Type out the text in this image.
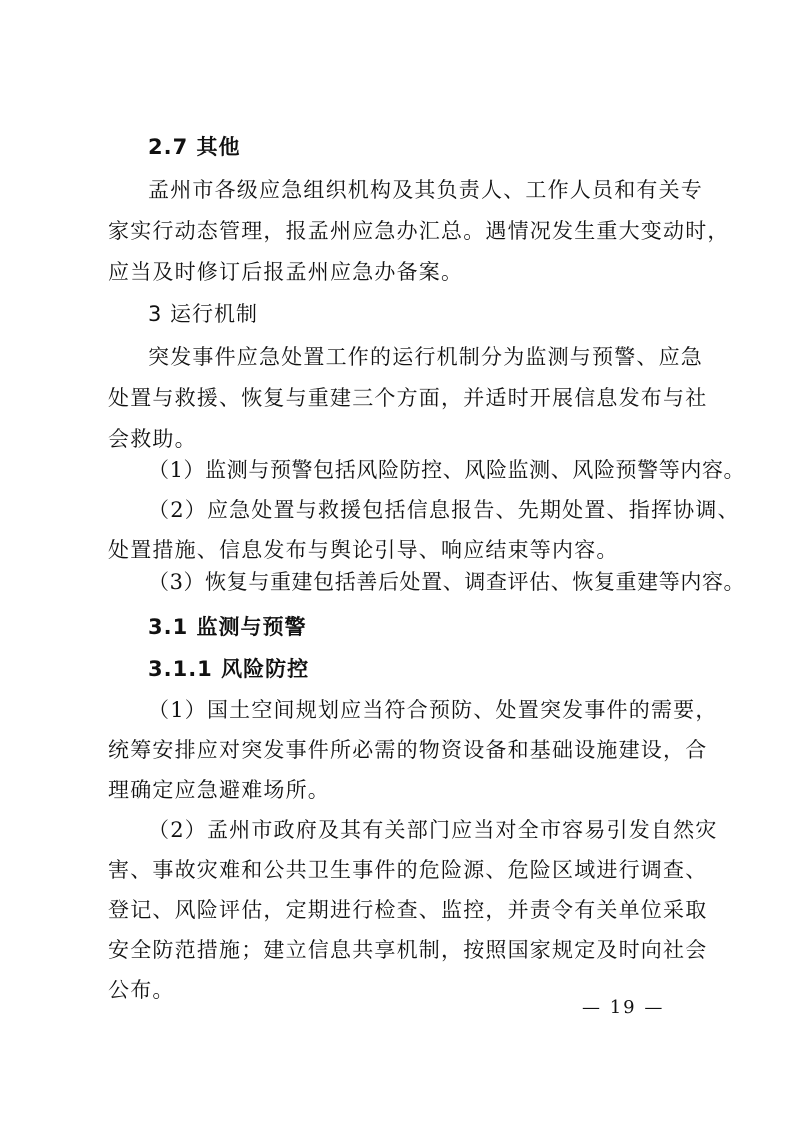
2.7 其他
孟州市各级应急组织机构及其负责人、工作人员和有关专
家实行动态管理，报孟州应急办汇总。遇情况发生重大变动时，
应当及时修订后报孟州应急办备案。
3 运行机制
突发事件应急处置工作的运行机制分为监测与预警、应急
处置与救援、恢复与重建三个方面，并适时开展信息发布与社
会救助。
（1）监测与预警包括风险防控、风险监测、风险预警等内容。
（2）应急处置与救援包括信息报告、先期处置、指挥协调、
处置措施、信息发布与舆论引导、响应结束等内容。
（3）恢复与重建包括善后处置、调查评估、恢复重建等内容。
3.1 监测与预警
3.1.1 风险防控
（1）国土空间规划应当符合预防、处置突发事件的需要，
统筹安排应对突发事件所必需的物资设备和基础设施建设，合
理确定应急避难场所。
（2）孟州市政府及其有关部门应当对全市容易引发自然灾
害、事故灾难和公共卫生事件的危险源、危险区域进行调查、
登记、风险评估，定期进行检查、监控，并责令有关单位采取
安全防范措施；建立信息共享机制，按照国家规定及时向社会
公布。
— 19 —
